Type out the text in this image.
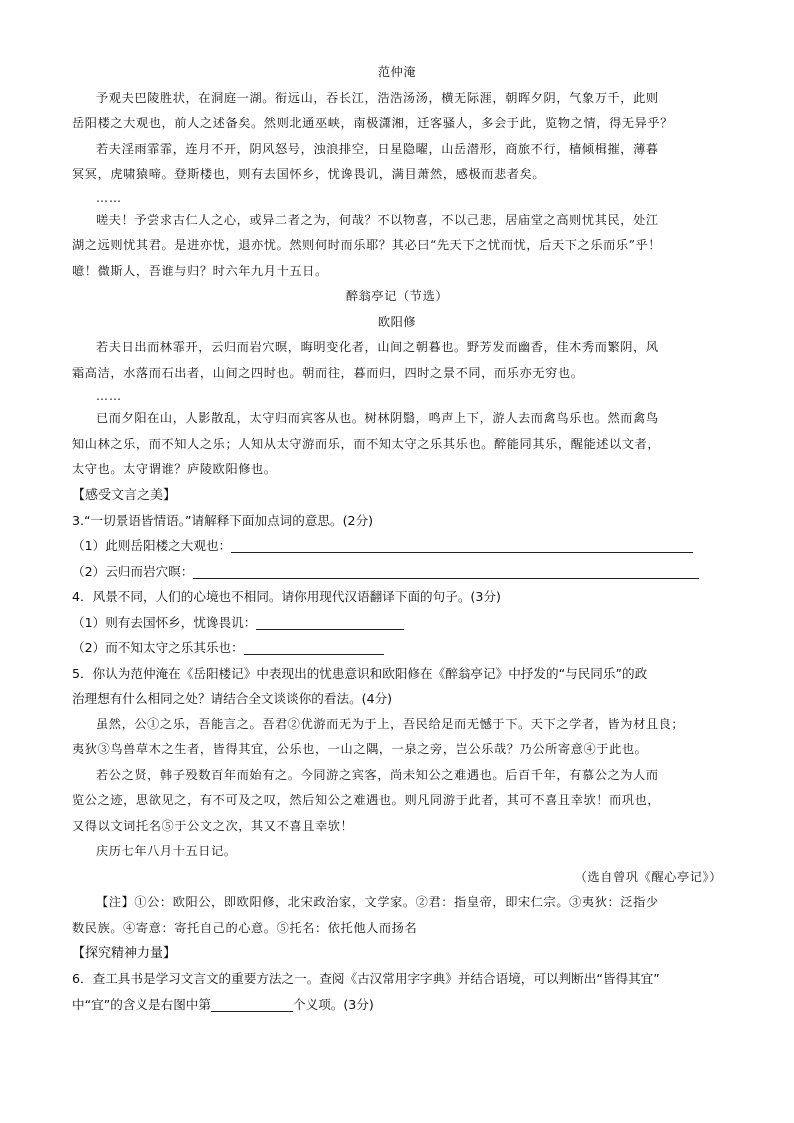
范仲淹

予观夫巴陵胜状，在洞庭一湖。衔远山，吞长江，浩浩汤汤，横无际涯，朝晖夕阴，气象万千，此则

岳阳楼之大观也，前人之述备矣。然则北通巫峡，南极潇湘，迁客骚人，多会于此，览物之情，得无异乎？

若夫淫雨霏霏，连月不开，阴风怒号，浊浪排空，日星隐曜，山岳潜形，商旅不行，樯倾楫摧，薄暮

冥冥，虎啸猿啼。登斯楼也，则有去国怀乡，忧谗畏讥，满目萧然，感极而悲者矣。

……

嗟夫！予尝求古仁人之心，或异二者之为，何哉？不以物喜，不以己悲，居庙堂之高则忧其民，处江

湖之远则忧其君。是进亦忧，退亦忧。然则何时而乐耶？其必曰“先天下之忧而忧，后天下之乐而乐”乎！

噫！微斯人，吾谁与归？时六年九月十五日。

醉翁亭记（节选）

欧阳修

若夫日出而林霏开，云归而岩穴暝，晦明变化者，山间之朝暮也。野芳发而幽香，佳木秀而繁阴，风

霜高洁，水落而石出者，山间之四时也。朝而往，暮而归，四时之景不同，而乐亦无穷也。

……

已而夕阳在山，人影散乱，太守归而宾客从也。树林阴翳，鸣声上下，游人去而禽鸟乐也。然而禽鸟

知山林之乐，而不知人之乐；人知从太守游而乐，而不知太守之乐其乐也。醉能同其乐，醒能述以文者，

太守也。太守谓谁？庐陵欧阳修也。

【感受文言之美】

3.“一切景语皆情语。”请解释下面加点词的意思。(2分)

（1）此则岳阳楼之大观也：

（2）云归而岩穴暝：

4．风景不同，人们的心境也不相同。请你用现代汉语翻译下面的句子。(3分)

（1）则有去国怀乡，忧谗畏讥：

（2）而不知太守之乐其乐也：

5．你认为范仲淹在《岳阳楼记》中表现出的忧患意识和欧阳修在《醉翁亭记》中抒发的“与民同乐”的政

治理想有什么相同之处？请结合全文谈谈你的看法。(4分)

虽然，公①之乐，吾能言之。吾君②优游而无为于上，吾民给足而无憾于下。天下之学者，皆为材且良；

夷狄③鸟兽草木之生者，皆得其宜，公乐也，一山之隅，一泉之旁，岂公乐哉？乃公所寄意④于此也。

若公之贤，韩子殁数百年而始有之。今同游之宾客，尚未知公之难遇也。后百千年，有慕公之为人而

览公之迹，思欲见之，有不可及之叹，然后知公之难遇也。则凡同游于此者，其可不喜且幸欤！而巩也，

又得以文词托名⑤于公文之次，其又不喜且幸欤！

庆历七年八月十五日记。

（选自曾巩《醒心亭记》）

【注】①公：欧阳公，即欧阳修，北宋政治家，文学家。②君：指皇帝，即宋仁宗。③夷狄：泛指少

数民族。④寄意：寄托自己的心意。⑤托名：依托他人而扬名

【探究精神力量】

6．查工具书是学习文言文的重要方法之一。查阅《古汉常用字字典》并结合语境，可以判断出“皆得其宜”

中“宜”的含义是右图中第	个义项。(3分)
